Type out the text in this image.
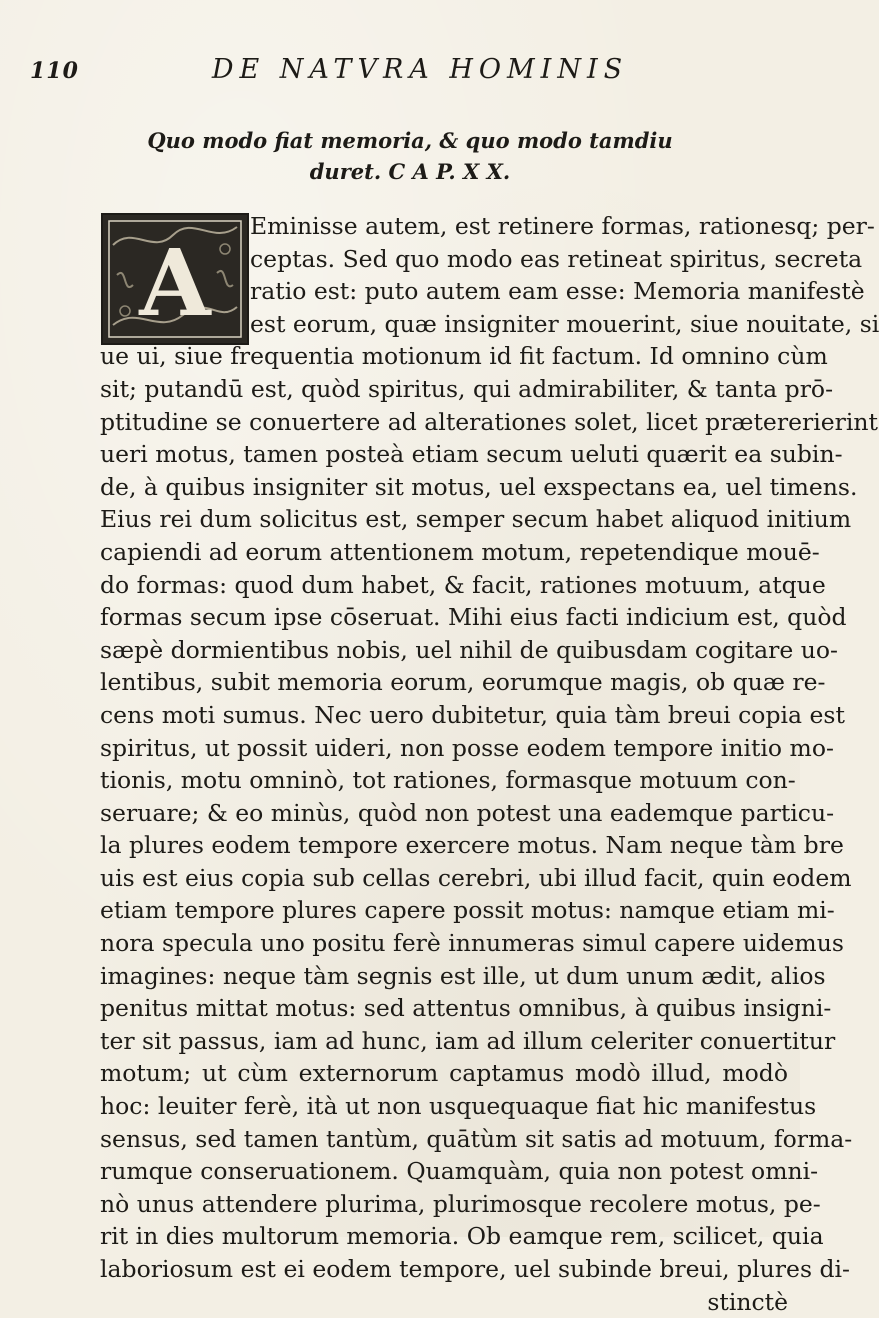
110	DE NATVRA HOMINIS
Quo modo fiat memoria, & quo modo tamdiu
duret. C A P. X X.
A
Eminisse autem, est retinere formas, rationesq; per-
ceptas. Sed quo modo eas retineat spiritus, secreta
ratio est: puto autem eam esse: Memoria manifestè
est eorum, quæ insigniter mouerint, siue nouitate, si
ue ui, siue frequentia motionum id fit factum. Id omnino cùm
sit; putandū est, quòd spiritus, qui admirabiliter, & tanta prō-
ptitudine se conuertere ad alterationes solet, licet prætererierint
ueri motus, tamen posteà etiam secum ueluti quærit ea subin-
de, à quibus insigniter sit motus, uel exspectans ea, uel timens.
Eius rei dum solicitus est, semper secum habet aliquod initium
capiendi ad eorum attentionem motum, repetendique mouē-
do formas: quod dum habet, & facit, rationes motuum, atque
formas secum ipse cōseruat. Mihi eius facti indicium est, quòd
sæpè dormientibus nobis, uel nihil de quibusdam cogitare uo-
lentibus, subit memoria eorum, eorumque magis, ob quæ re-
cens moti sumus. Nec uero dubitetur, quia tàm breui copia est
spiritus, ut possit uideri, non posse eodem tempore initio mo-
tionis, motu omninò, tot rationes, formasque motuum con-
seruare; & eo minùs, quòd non potest una eademque particu-
la plures eodem tempore exercere motus. Nam neque tàm bre
uis est eius copia sub cellas cerebri, ubi illud facit, quin eodem
etiam tempore plures capere possit motus: namque etiam mi-
nora specula uno positu ferè innumeras simul capere uidemus
imagines: neque tàm segnis est ille, ut dum unum ædit, alios
penitus mittat motus: sed attentus omnibus, à quibus insigni-
ter sit passus, iam ad hunc, iam ad illum celeriter conuertitur
motum; ut cùm externorum captamus modò illud, modò
hoc: leuiter ferè, ità ut non usquequaque fiat hic manifestus
sensus, sed tamen tantùm, quātùm sit satis ad motuum, forma-
rumque conseruationem. Quamquàm, quia non potest omni-
nò unus attendere plurima, plurimosque recolere motus, pe-
rit in dies multorum memoria. Ob eamque rem, scilicet, quia
laboriosum est ei eodem tempore, uel subinde breui, plures di-
stinctè
